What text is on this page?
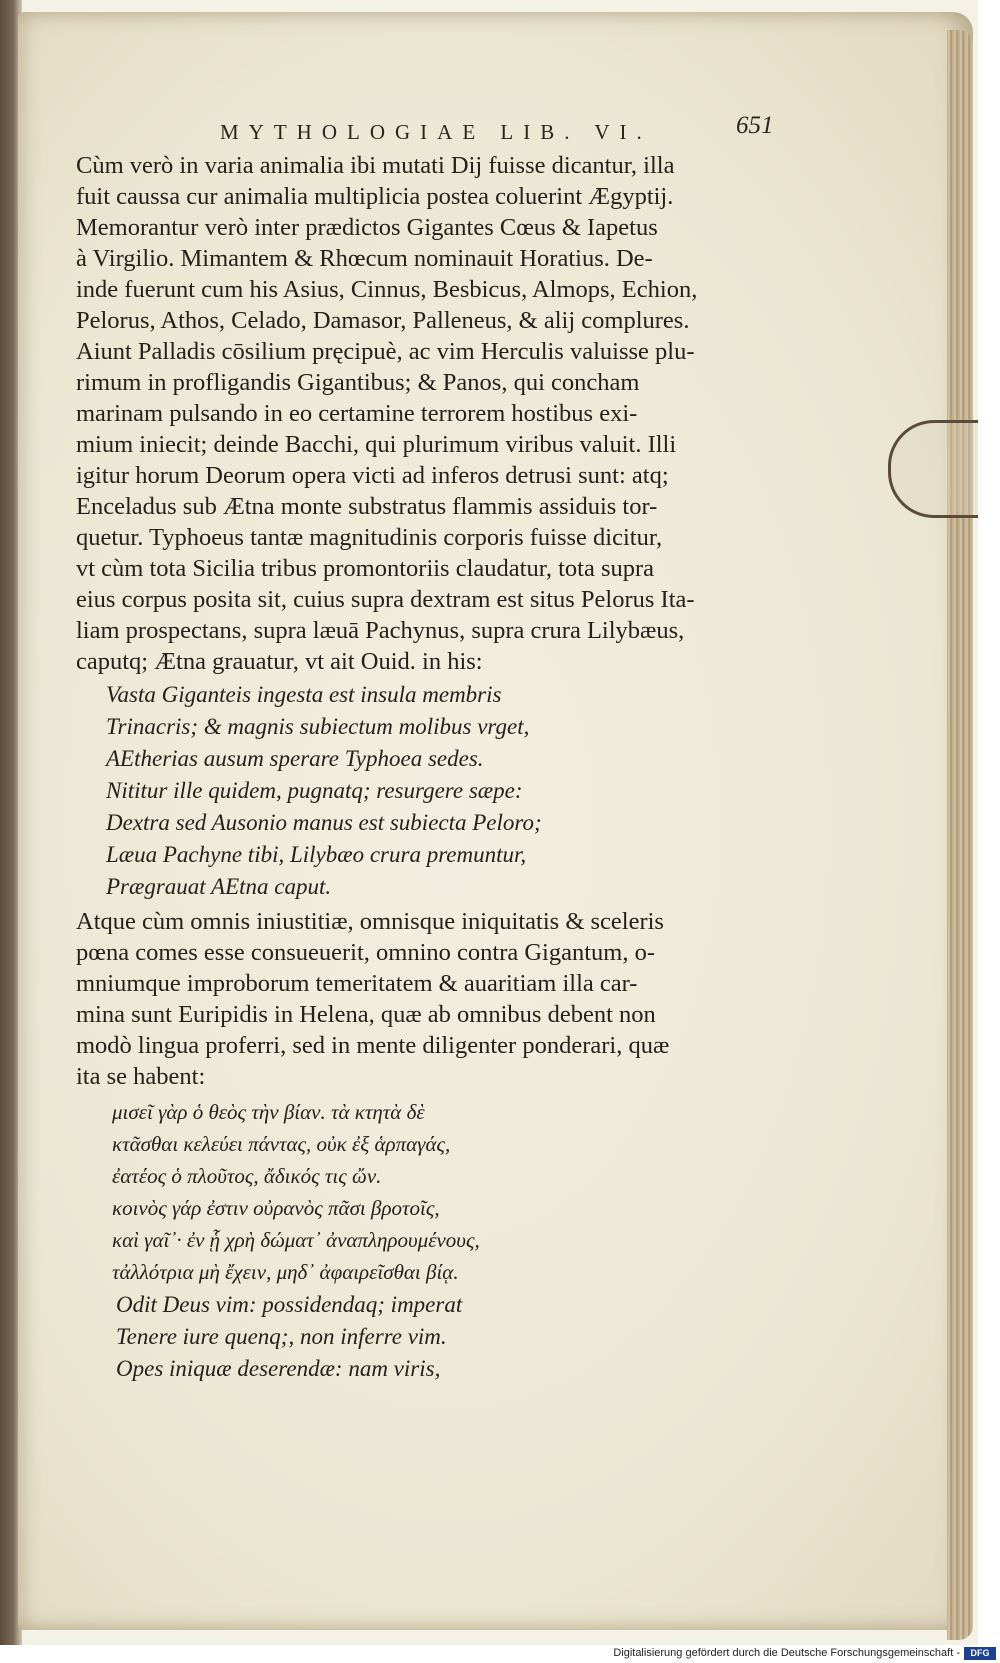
MYTHOLOGIAE LIB. VI.	651
Cùm verò in varia animalia ibi mutati Dij fuisse dicantur, illa
fuit caussa cur animalia multiplicia postea coluerint Ægyptij.
Memorantur verò inter prædictos Gigantes Cœus & Iapetus
à Virgilio. Mimantem & Rhœcum nominauit Horatius. De-
inde fuerunt cum his Asius, Cinnus, Besbicus, Almops, Echion,
Pelorus, Athos, Celado, Damasor, Palleneus, & alij complures.
Aiunt Palladis cōsilium pręcipuè, ac vim Herculis valuisse plu-
rimum in profligandis Gigantibus; & Panos, qui concham
marinam pulsando in eo certamine terrorem hostibus exi-
mium iniecit; deinde Bacchi, qui plurimum viribus valuit. Illi
igitur horum Deorum opera victi ad inferos detrusi sunt: atq;
Enceladus sub Ætna monte substratus flammis assiduis tor-
quetur. Typhoeus tantæ magnitudinis corporis fuisse dicitur,
vt cùm tota Sicilia tribus promontoriis claudatur, tota supra
eius corpus posita sit, cuius supra dextram est situs Pelorus Ita-
liam prospectans, supra læuā Pachynus, supra crura Lilybæus,
caputq; Ætna grauatur, vt ait Ouid. in his:
Vasta Giganteis ingesta est insula membris
Trinacris; & magnis subiectum molibus vrget,
AEtherias ausum sperare Typhoea sedes.
Nititur ille quidem, pugnatq; resurgere sæpe:
Dextra sed Ausonio manus est subiecta Peloro;
Læua Pachyne tibi, Lilybæo crura premuntur,
Prægrauat AEtna caput.
Atque cùm omnis iniustitiæ, omnisque iniquitatis & sceleris
pœna comes esse consueuerit, omnino contra Gigantum, o-
mniumque improborum temeritatem & auaritiam illa car-
mina sunt Euripidis in Helena, quæ ab omnibus debent non
modò lingua proferri, sed in mente diligenter ponderari, quæ
ita se habent:
μισεῖ γὰρ ὁ θεὸς τὴν βίαν. τὰ κτητὰ δὲ
κτᾶσθαι κελεύει πάντας, οὐκ ἐξ ἁρπαγάς,
ἐατέος ὁ πλοῦτος, ἄδικός τις ὤν.
κοινὸς γάρ ἐστιν οὐρανὸς πᾶσι βροτοῖς,
καὶ γαῖ᾽· ἐν ᾗ χρὴ δώματ᾽ ἀναπληρουμένους,
τἀλλότρια μὴ ἔχειν, μηδ᾽ ἀφαιρεῖσθαι βίᾳ.
Odit Deus vim: possidendaq; imperat
Tenere iure quenq;, non inferre vim.
Opes iniquæ deserendæ: nam viris,
Digitalisierung gefördert durch die Deutsche Forschungsgemeinschaft -	DFG
